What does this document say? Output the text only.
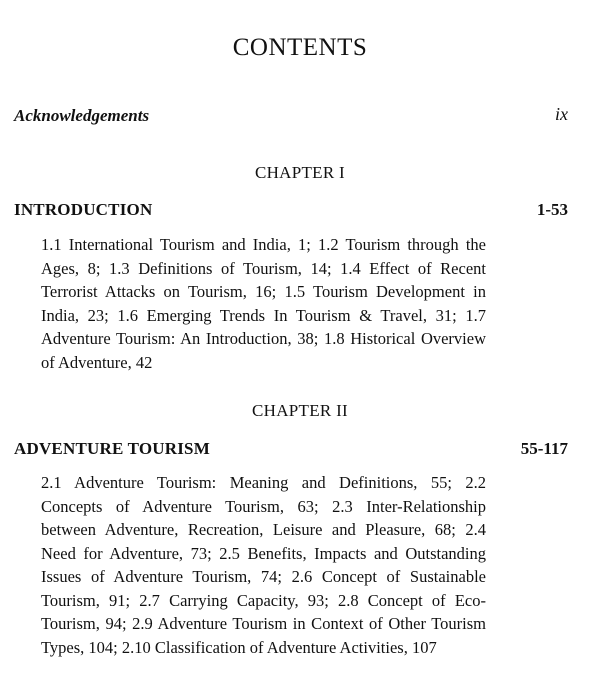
CONTENTS
Acknowledgements	ix
CHAPTER I
INTRODUCTION	1-53
1.1 International Tourism and India, 1; 1.2 Tourism through the Ages, 8; 1.3 Definitions of Tourism, 14; 1.4 Effect of Recent Terrorist Attacks on Tourism, 16; 1.5 Tourism Development in India, 23; 1.6 Emerging Trends In Tourism & Travel, 31; 1.7 Adventure Tourism: An Introduction, 38; 1.8 Historical Overview of Adventure, 42
CHAPTER II
ADVENTURE TOURISM	55-117
2.1 Adventure Tourism: Meaning and Definitions, 55; 2.2 Concepts of Adventure Tourism, 63; 2.3 Inter-Relationship between Adventure, Recreation, Leisure and Pleasure, 68; 2.4 Need for Adventure, 73; 2.5 Benefits, Impacts and Outstanding Issues of Adventure Tourism, 74; 2.6 Concept of Sustainable Tourism, 91; 2.7 Carrying Capacity, 93; 2.8 Concept of Eco-Tourism, 94; 2.9 Adventure Tourism in Context of Other Tourism Types, 104; 2.10 Classification of Adventure Activities, 107
